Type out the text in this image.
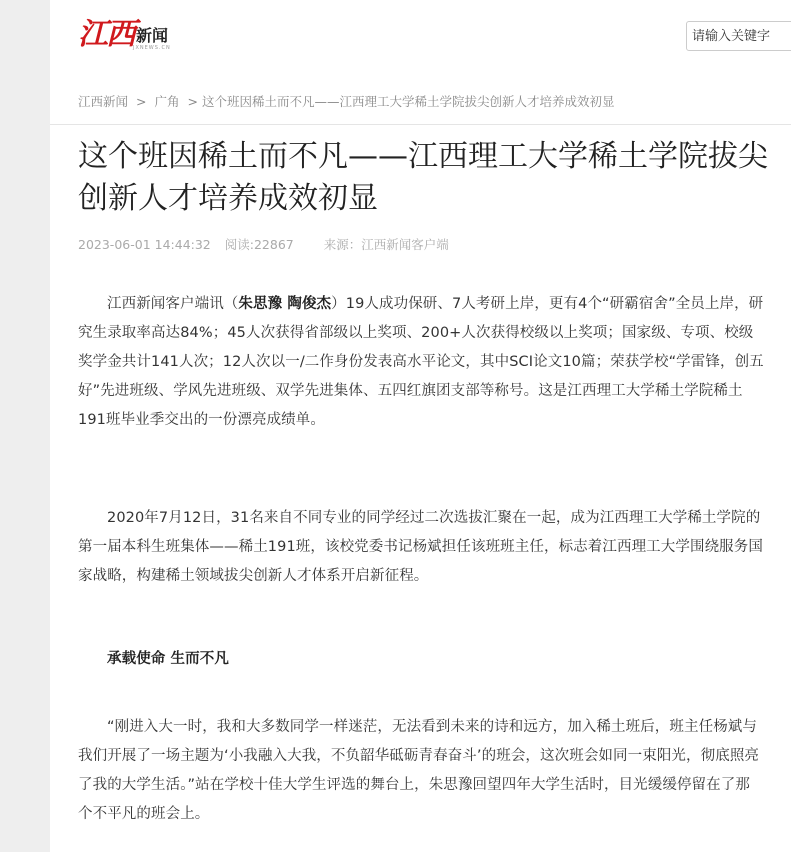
江西 新闻
JXNEWS.CN
请输入关键字
江西新闻 > 广角 > 这个班因稀土而不凡——江西理工大学稀土学院拔尖创新人才培养成效初显
这个班因稀土而不凡——江西理工大学稀土学院拔尖创新人才培养成效初显
2023-06-01 14:44:32 阅读:22867 来源：江西新闻客户端

江西新闻客户端讯（朱思豫 陶俊杰）19人成功保研、7人考研上岸，更有4个“研霸宿舍”全员上岸，研究生录取率高达84%；45人次获得省部级以上奖项、200+人次获得校级以上奖项；国家级、专项、校级奖学金共计141人次；12人次以一/二作身份发表高水平论文，其中SCI论文10篇；荣获学校“学雷锋，创五好”先进班级、学风先进班级、双学先进集体、五四红旗团支部等称号。这是江西理工大学稀土学院稀土191班毕业季交出的一份漂亮成绩单。

2020年7月12日，31名来自不同专业的同学经过二次选拔汇聚在一起，成为江西理工大学稀土学院的第一届本科生班集体——稀土191班，该校党委书记杨斌担任该班班主任，标志着江西理工大学围绕服务国家战略，构建稀土领域拔尖创新人才体系开启新征程。

承载使命 生而不凡

“刚进入大一时，我和大多数同学一样迷茫，无法看到未来的诗和远方，加入稀土班后，班主任杨斌与我们开展了一场主题为‘小我融入大我，不负韶华砥砺青春奋斗’的班会，这次班会如同一束阳光，彻底照亮了我的大学生活。”站在学校十佳大学生评选的舞台上，朱思豫回望四年大学生活时，目光缓缓停留在了那个不平凡的班会上。
